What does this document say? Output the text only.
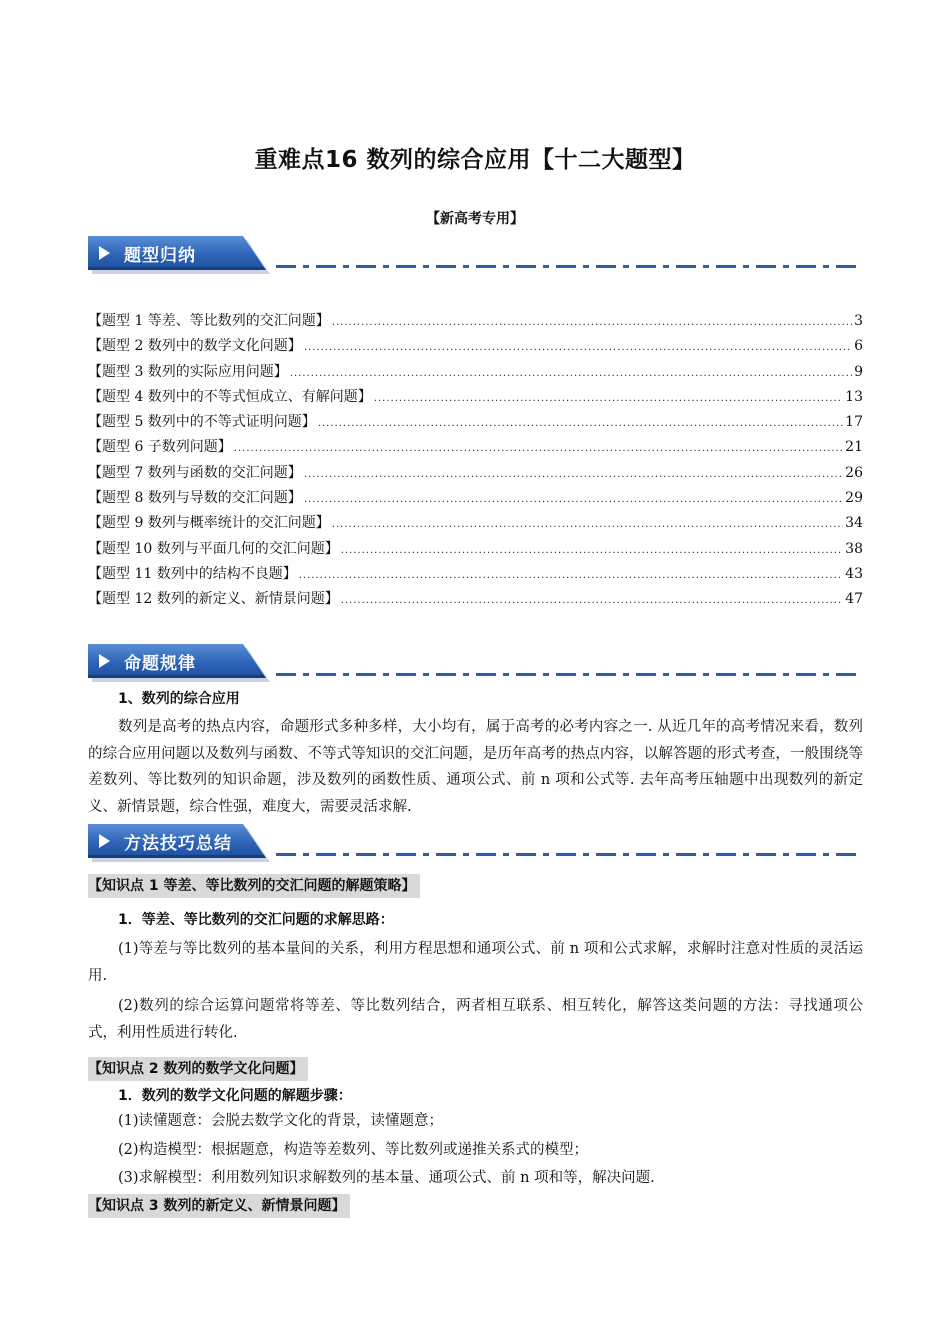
重难点16 数列的综合应用【十二大题型】
【新高考专用】
题型归纳
【题型 1 等差、等比数列的交汇问题】 .....	3
【题型 2 数列中的数学文化问题】 .....	6
【题型 3 数列的实际应用问题】 .....	9
【题型 4 数列中的不等式恒成立、有解问题】 .....	13
【题型 5 数列中的不等式证明问题】 .....	17
【题型 6 子数列问题】 .....	21
【题型 7 数列与函数的交汇问题】 .....	26
【题型 8 数列与导数的交汇问题】 .....	29
【题型 9 数列与概率统计的交汇问题】 .....	34
【题型 10 数列与平面几何的交汇问题】 .....	38
【题型 11 数列中的结构不良题】 .....	43
【题型 12 数列的新定义、新情景问题】 .....	47
命题规律
1、数列的综合应用
数列是高考的热点内容，命题形式多种多样，大小均有，属于高考的必考内容之一. 从近几年的高考情况来看，数列的综合应用问题以及数列与函数、不等式等知识的交汇问题，是历年高考的热点内容，以解答题的形式考查，一般围绕等差数列、等比数列的知识命题，涉及数列的函数性质、通项公式、前 n 项和公式等. 去年高考压轴题中出现数列的新定义、新情景题，综合性强，难度大，需要灵活求解.
方法技巧总结
【知识点 1 等差、等比数列的交汇问题的解题策略】
1．等差、等比数列的交汇问题的求解思路：
(1)等差与等比数列的基本量间的关系，利用方程思想和通项公式、前 n 项和公式求解，求解时注意对性质的灵活运用.
(2)数列的综合运算问题常将等差、等比数列结合，两者相互联系、相互转化，解答这类问题的方法：寻找通项公式，利用性质进行转化.
【知识点 2 数列的数学文化问题】
1．数列的数学文化问题的解题步骤：
(1)读懂题意：会脱去数学文化的背景，读懂题意；
(2)构造模型：根据题意，构造等差数列、等比数列或递推关系式的模型；
(3)求解模型：利用数列知识求解数列的基本量、通项公式、前 n 项和等，解决问题.
【知识点 3 数列的新定义、新情景问题】
